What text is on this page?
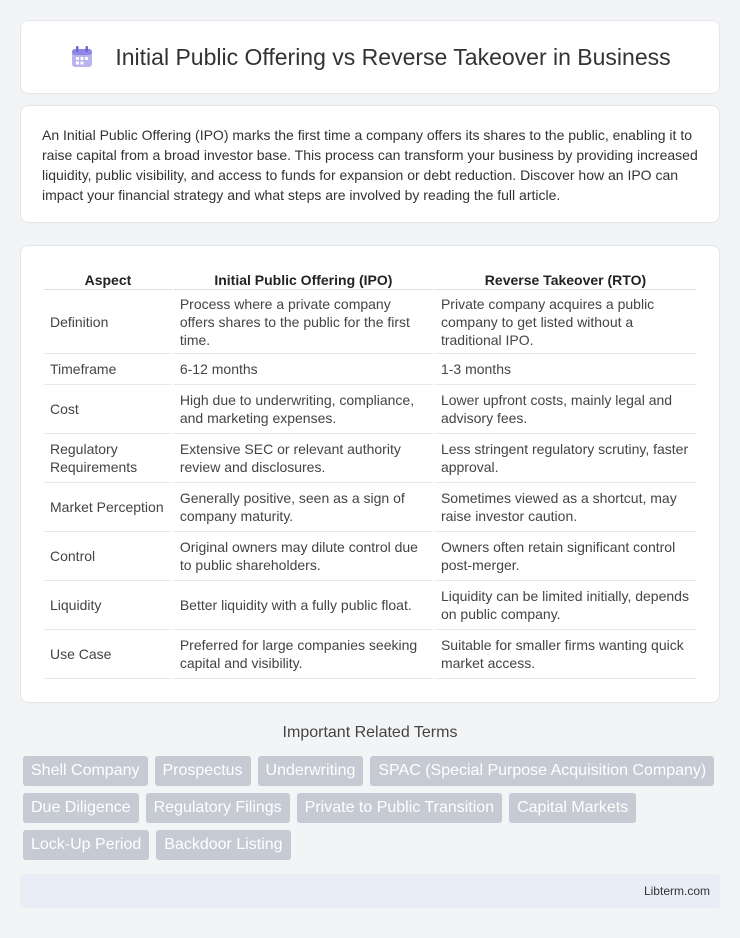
Initial Public Offering vs Reverse Takeover in Business

An Initial Public Offering (IPO) marks the first time a company offers its shares to the public, enabling it to raise capital from a broad investor base. This process can transform your business by providing increased liquidity, public visibility, and access to funds for expansion or debt reduction. Discover how an IPO can impact your financial strategy and what steps are involved by reading the full article.

Aspect	Initial Public Offering (IPO)	Reverse Takeover (RTO)
Definition	Process where a private company offers shares to the public for the first time.	Private company acquires a public company to get listed without a traditional IPO.
Timeframe	6-12 months	1-3 months
Cost	High due to underwriting, compliance, and marketing expenses.	Lower upfront costs, mainly legal and advisory fees.
Regulatory Requirements	Extensive SEC or relevant authority review and disclosures.	Less stringent regulatory scrutiny, faster approval.
Market Perception	Generally positive, seen as a sign of company maturity.	Sometimes viewed as a shortcut, may raise investor caution.
Control	Original owners may dilute control due to public shareholders.	Owners often retain significant control post-merger.
Liquidity	Better liquidity with a fully public float.	Liquidity can be limited initially, depends on public company.
Use Case	Preferred for large companies seeking capital and visibility.	Suitable for smaller firms wanting quick market access.
Important Related Terms
Shell Company	Prospectus	Underwriting	SPAC (Special Purpose Acquisition Company)
Due Diligence	Regulatory Filings	Private to Public Transition	Capital Markets
Lock-Up Period	Backdoor Listing
Libterm.com
